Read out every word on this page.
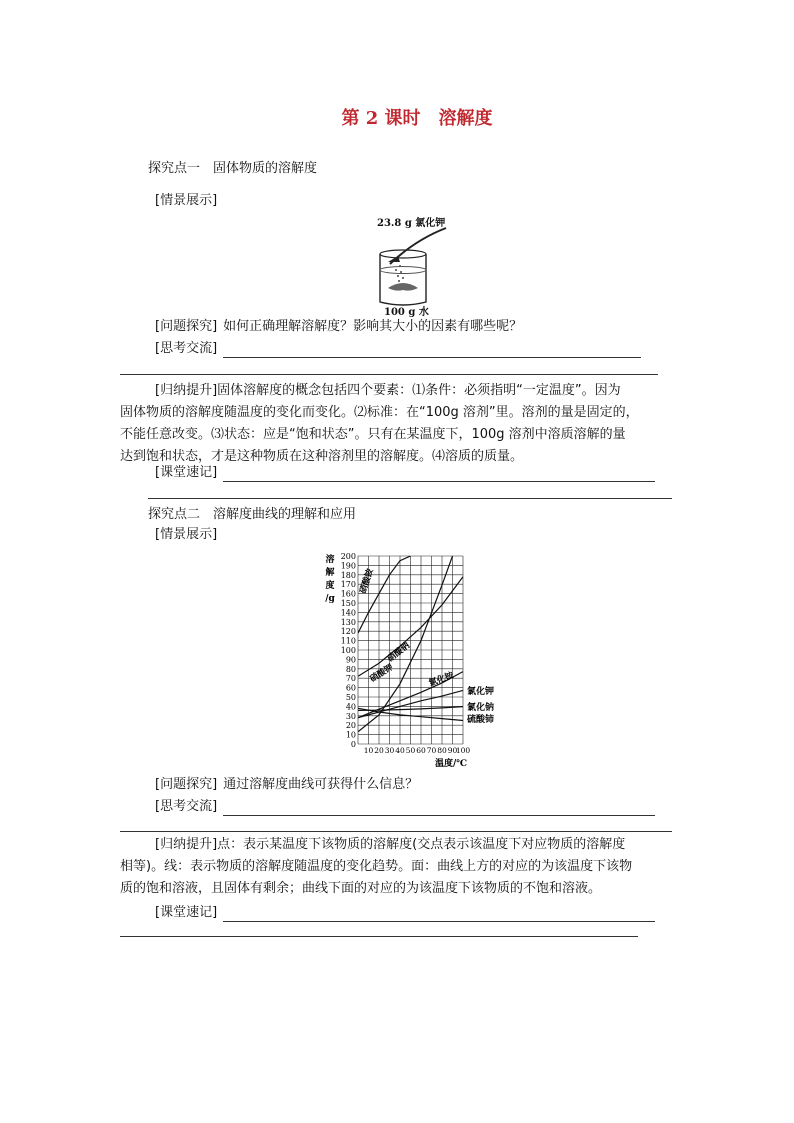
第 2 课时　溶解度
探究点一　固体物质的溶解度
[情景展示]
23.8 g 氯化钾
100 g 水
[问题探究] 如何正确理解溶解度？影响其大小的因素有哪些呢？
[思考交流]
[归纳提升]固体溶解度的概念包括四个要素：⑴条件：必须指明“一定温度”。因为
固体物质的溶解度随温度的变化而变化。⑵标准：在“100g 溶剂”里。溶剂的量是固定的，
不能任意改变。⑶状态：应是“饱和状态”。只有在某温度下，100g 溶剂中溶质溶解的量
达到饱和状态，才是这种物质在这种溶剂里的溶解度。⑷溶质的质量。
[课堂速记]
探究点二　溶解度曲线的理解和应用
[情景展示]
0
10
20
30
40
50
60
70
80
90
100
110
120
130
140
150
160
170
180
190
200
10 20 30 40 50 60 70 80 90
100
溶
解
度
/g
温度/℃
硝酸铵
硝酸钠
硝酸钾	氯化铵
氯化钾
氯化钠
硫酸铈
[问题探究] 通过溶解度曲线可获得什么信息？
[思考交流]
[归纳提升]点：表示某温度下该物质的溶解度(交点表示该温度下对应物质的溶解度
相等)。线：表示物质的溶解度随温度的变化趋势。面：曲线上方的对应的为该温度下该物
质的饱和溶液，且固体有剩余；曲线下面的对应的为该温度下该物质的不饱和溶液。
[课堂速记]
